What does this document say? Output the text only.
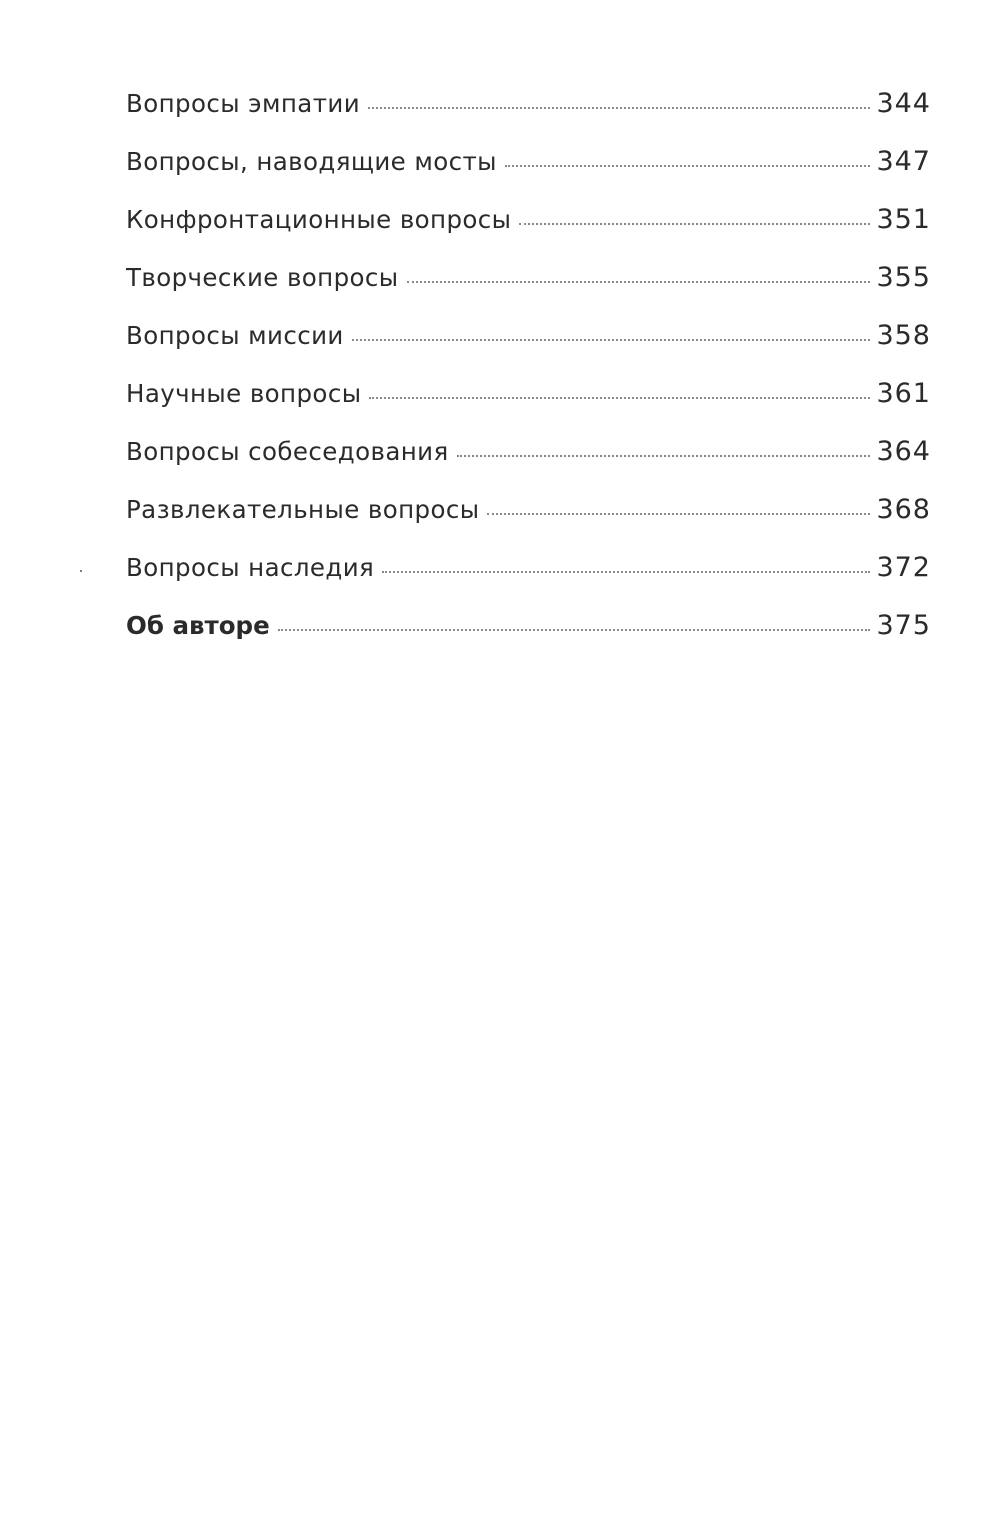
Вопросы эмпатии	344
Вопросы, наводящие мосты	347
Конфронтационные вопросы	351
Творческие вопросы	355
Вопросы миссии	358
Научные вопросы	361
Вопросы собеседования	364
Развлекательные вопросы	368
Вопросы наследия	372
Об авторе	375
